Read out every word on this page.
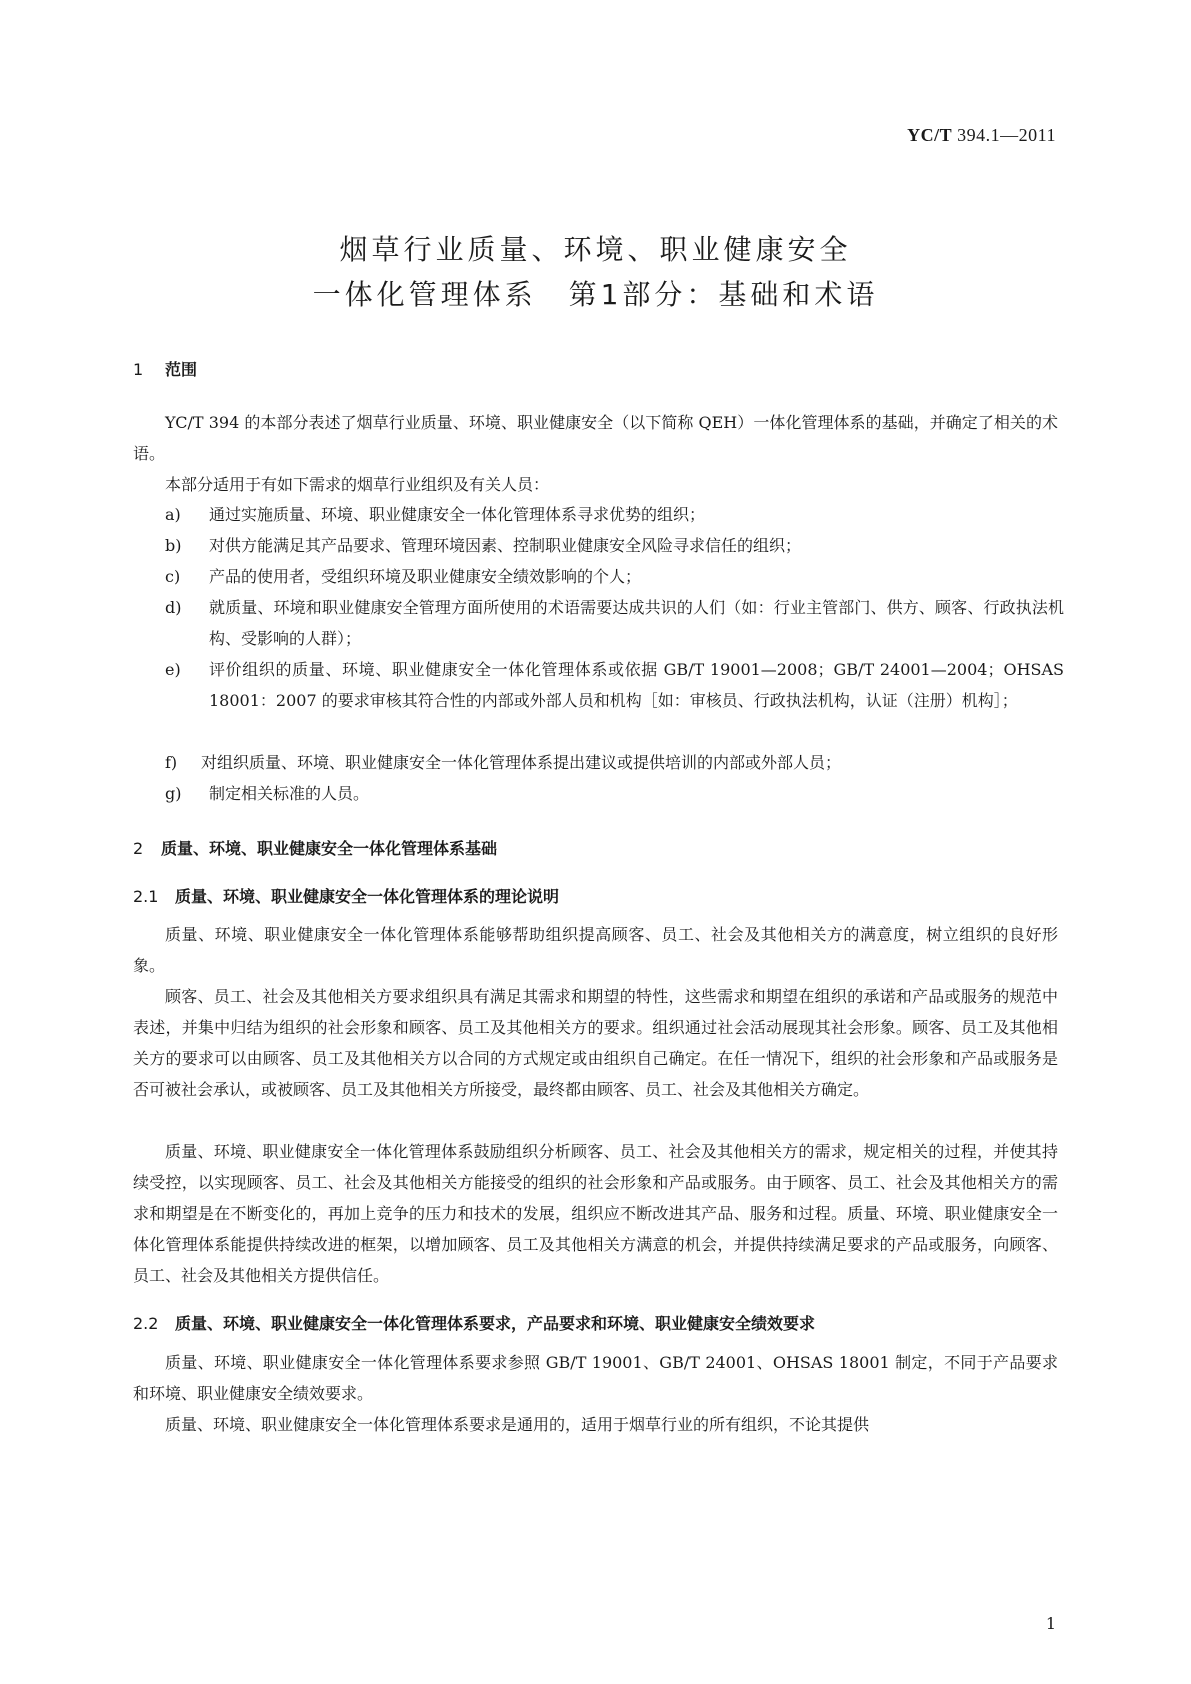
YC/T 394.1—2011
烟草行业质量、环境、职业健康安全
一体化管理体系　第1部分：基础和术语
1 范围
YC/T 394 的本部分表述了烟草行业质量、环境、职业健康安全（以下简称 QEH）一体化管理体系的基础，并确定了相关的术语。
本部分适用于有如下需求的烟草行业组织及有关人员：
a) 通过实施质量、环境、职业健康安全一体化管理体系寻求优势的组织；
b) 对供方能满足其产品要求、管理环境因素、控制职业健康安全风险寻求信任的组织；
c) 产品的使用者，受组织环境及职业健康安全绩效影响的个人；
d) 就质量、环境和职业健康安全管理方面所使用的术语需要达成共识的人们（如：行业主管部门、供方、顾客、行政执法机构、受影响的人群）；
e) 评价组织的质量、环境、职业健康安全一体化管理体系或依据 GB/T 19001—2008；GB/T 24001—2004；OHSAS 18001：2007 的要求审核其符合性的内部或外部人员和机构［如：审核员、行政执法机构，认证（注册）机构］；
f) 对组织质量、环境、职业健康安全一体化管理体系提出建议或提供培训的内部或外部人员；
g) 制定相关标准的人员。
2 质量、环境、职业健康安全一体化管理体系基础
2.1 质量、环境、职业健康安全一体化管理体系的理论说明
质量、环境、职业健康安全一体化管理体系能够帮助组织提高顾客、员工、社会及其他相关方的满意度，树立组织的良好形象。
顾客、员工、社会及其他相关方要求组织具有满足其需求和期望的特性，这些需求和期望在组织的承诺和产品或服务的规范中表述，并集中归结为组织的社会形象和顾客、员工及其他相关方的要求。组织通过社会活动展现其社会形象。顾客、员工及其他相关方的要求可以由顾客、员工及其他相关方以合同的方式规定或由组织自己确定。在任一情况下，组织的社会形象和产品或服务是否可被社会承认，或被顾客、员工及其他相关方所接受，最终都由顾客、员工、社会及其他相关方确定。
质量、环境、职业健康安全一体化管理体系鼓励组织分析顾客、员工、社会及其他相关方的需求，规定相关的过程，并使其持续受控，以实现顾客、员工、社会及其他相关方能接受的组织的社会形象和产品或服务。由于顾客、员工、社会及其他相关方的需求和期望是在不断变化的，再加上竞争的压力和技术的发展，组织应不断改进其产品、服务和过程。质量、环境、职业健康安全一体化管理体系能提供持续改进的框架，以增加顾客、员工及其他相关方满意的机会，并提供持续满足要求的产品或服务，向顾客、员工、社会及其他相关方提供信任。
2.2 质量、环境、职业健康安全一体化管理体系要求，产品要求和环境、职业健康安全绩效要求
质量、环境、职业健康安全一体化管理体系要求参照 GB/T 19001、GB/T 24001、OHSAS 18001 制定，不同于产品要求和环境、职业健康安全绩效要求。
质量、环境、职业健康安全一体化管理体系要求是通用的，适用于烟草行业的所有组织，不论其提供
1
